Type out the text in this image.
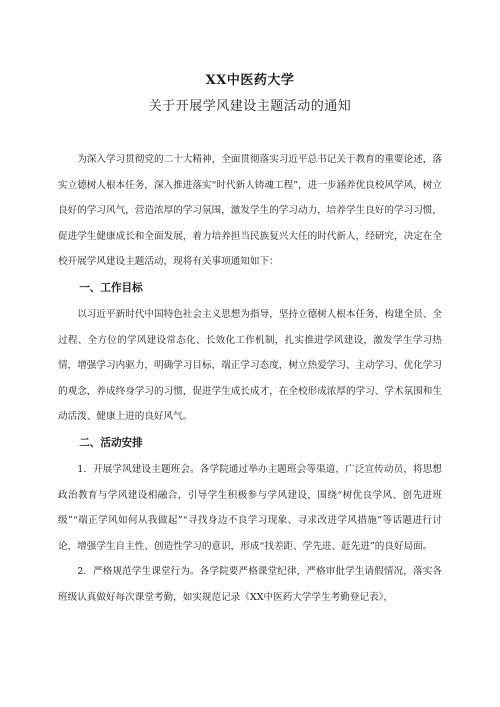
XX中医药大学
关于开展学风建设主题活动的通知

为深入学习贯彻党的二十大精神，全面贯彻落实习近平总书记关于教育的重要论述，落实立德树人根本任务，深入推进落实“时代新人铸魂工程”，进一步涵养优良校风学风，树立良好的学习风气，营造浓厚的学习氛围，激发学生的学习动力，培养学生良好的学习习惯，促进学生健康成长和全面发展，着力培养担当民族复兴大任的时代新人，经研究，决定在全校开展学风建设主题活动，现将有关事项通知如下：

一、工作目标

以习近平新时代中国特色社会主义思想为指导，坚持立德树人根本任务，构建全员、全过程、全方位的学风建设常态化、长效化工作机制，扎实推进学风建设，激发学生学习热情，增强学习内驱力，明确学习目标，端正学习态度，树立热爱学习、主动学习、优化学习的观念，养成终身学习的习惯，促进学生成长成才，在全校形成浓厚的学习、学术氛围和生动活泼、健康上进的良好风气。

二、活动安排

1．开展学风建设主题班会。各学院通过举办主题班会等渠道，广泛宣传动员，将思想政治教育与学风建设相融合，引导学生积极参与学风建设，围绕“树优良学风、创先进班级”“端正学风如何从我做起”“寻找身边不良学习现象、寻求改进学风措施”等话题进行讨论，增强学生自主性、创造性学习的意识，形成“找差距、学先进、赶先进”的良好局面。

2．严格规范学生课堂行为。各学院要严格课堂纪律，严格审批学生请假情况，落实各班级认真做好每次课堂考勤，如实规范记录《XX中医药大学学生考勤登记表》，
